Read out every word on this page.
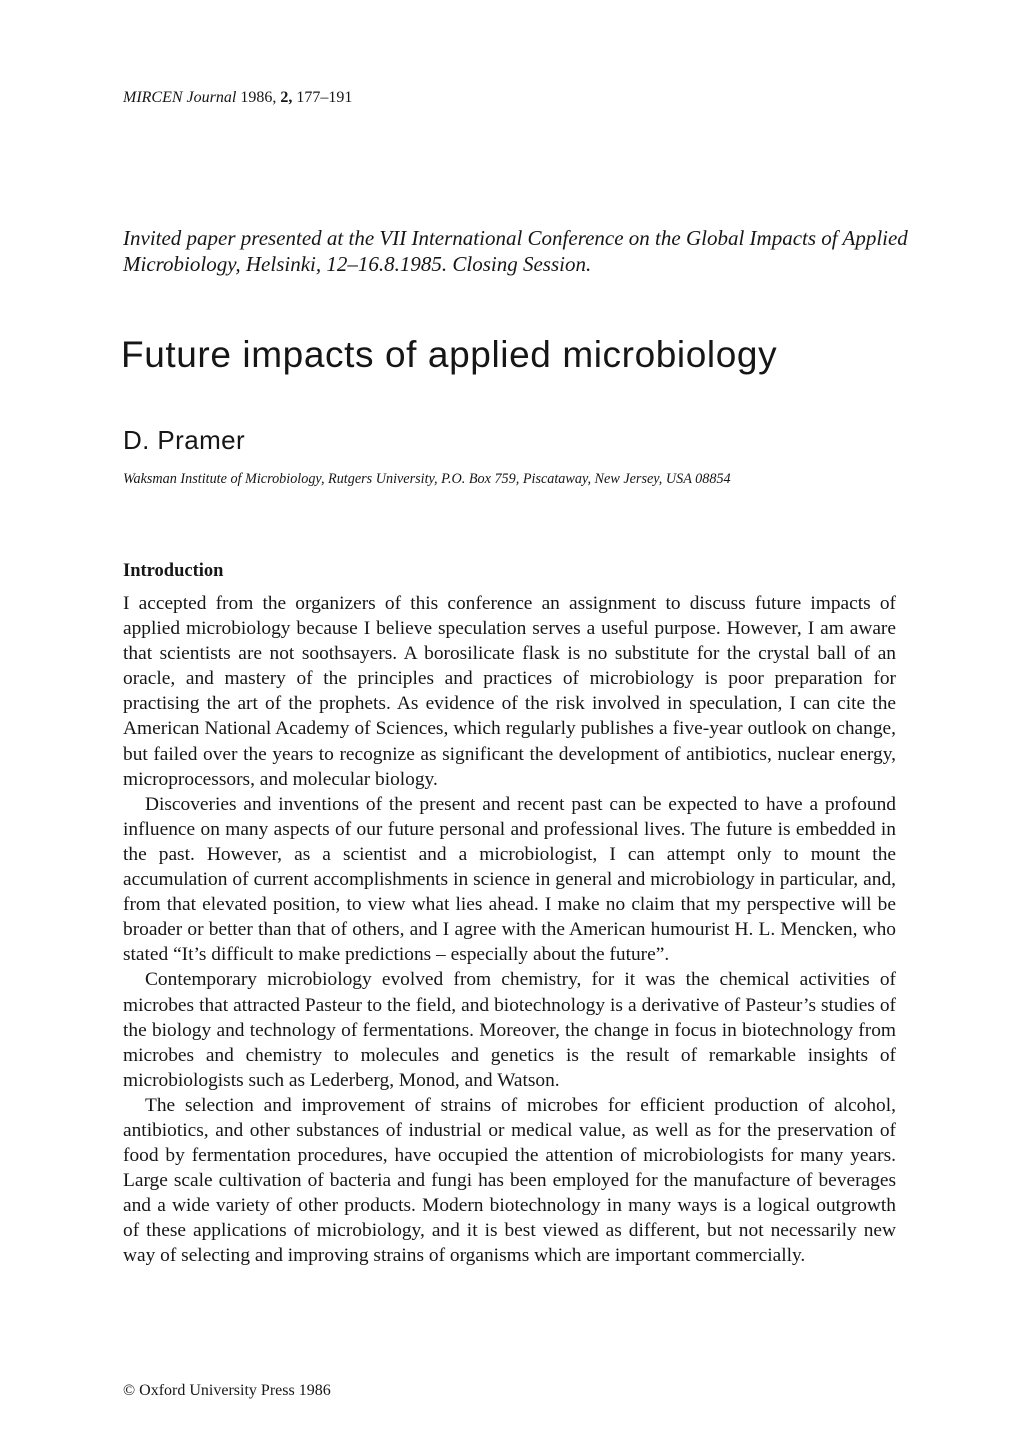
MIRCEN Journal 1986, 2, 177–191
Invited paper presented at the VII International Conference on the Global Impacts of Applied Microbiology, Helsinki, 12–16.8.1985. Closing Session.
Future impacts of applied microbiology
D. Pramer
Waksman Institute of Microbiology, Rutgers University, P.O. Box 759, Piscataway, New Jersey, USA 08854
Introduction

I accepted from the organizers of this conference an assignment to discuss future impacts of applied microbiology because I believe speculation serves a useful purpose. However, I am aware that scientists are not soothsayers. A borosilicate flask is no substitute for the crystal ball of an oracle, and mastery of the principles and practices of microbiology is poor preparation for practising the art of the prophets. As evidence of the risk involved in speculation, I can cite the American National Academy of Sciences, which regularly publishes a five-year outlook on change, but failed over the years to recognize as significant the development of antibiotics, nuclear energy, microprocessors, and molecular biology.

Discoveries and inventions of the present and recent past can be expected to have a profound influence on many aspects of our future personal and professional lives. The future is embedded in the past. However, as a scientist and a microbiologist, I can attempt only to mount the accumulation of current accomplishments in science in general and microbiology in particular, and, from that elevated position, to view what lies ahead. I make no claim that my perspective will be broader or better than that of others, and I agree with the American humourist H. L. Mencken, who stated “It’s difficult to make predictions – especially about the future”.

Contemporary microbiology evolved from chemistry, for it was the chemical activities of microbes that attracted Pasteur to the field, and biotechnology is a derivative of Pasteur’s studies of the biology and technology of fermentations. Moreover, the change in focus in biotechnology from microbes and chemistry to molecules and genetics is the result of remarkable insights of microbiologists such as Lederberg, Monod, and Watson.

The selection and improvement of strains of microbes for efficient production of alcohol, antibiotics, and other substances of industrial or medical value, as well as for the preservation of food by fermentation procedures, have occupied the attention of microbiologists for many years. Large scale cultivation of bacteria and fungi has been employed for the manufacture of beverages and a wide variety of other products. Modern biotechnology in many ways is a logical outgrowth of these applications of microbiology, and it is best viewed as different, but not necessarily new way of selecting and improving strains of organisms which are important commercially.

© Oxford University Press 1986
